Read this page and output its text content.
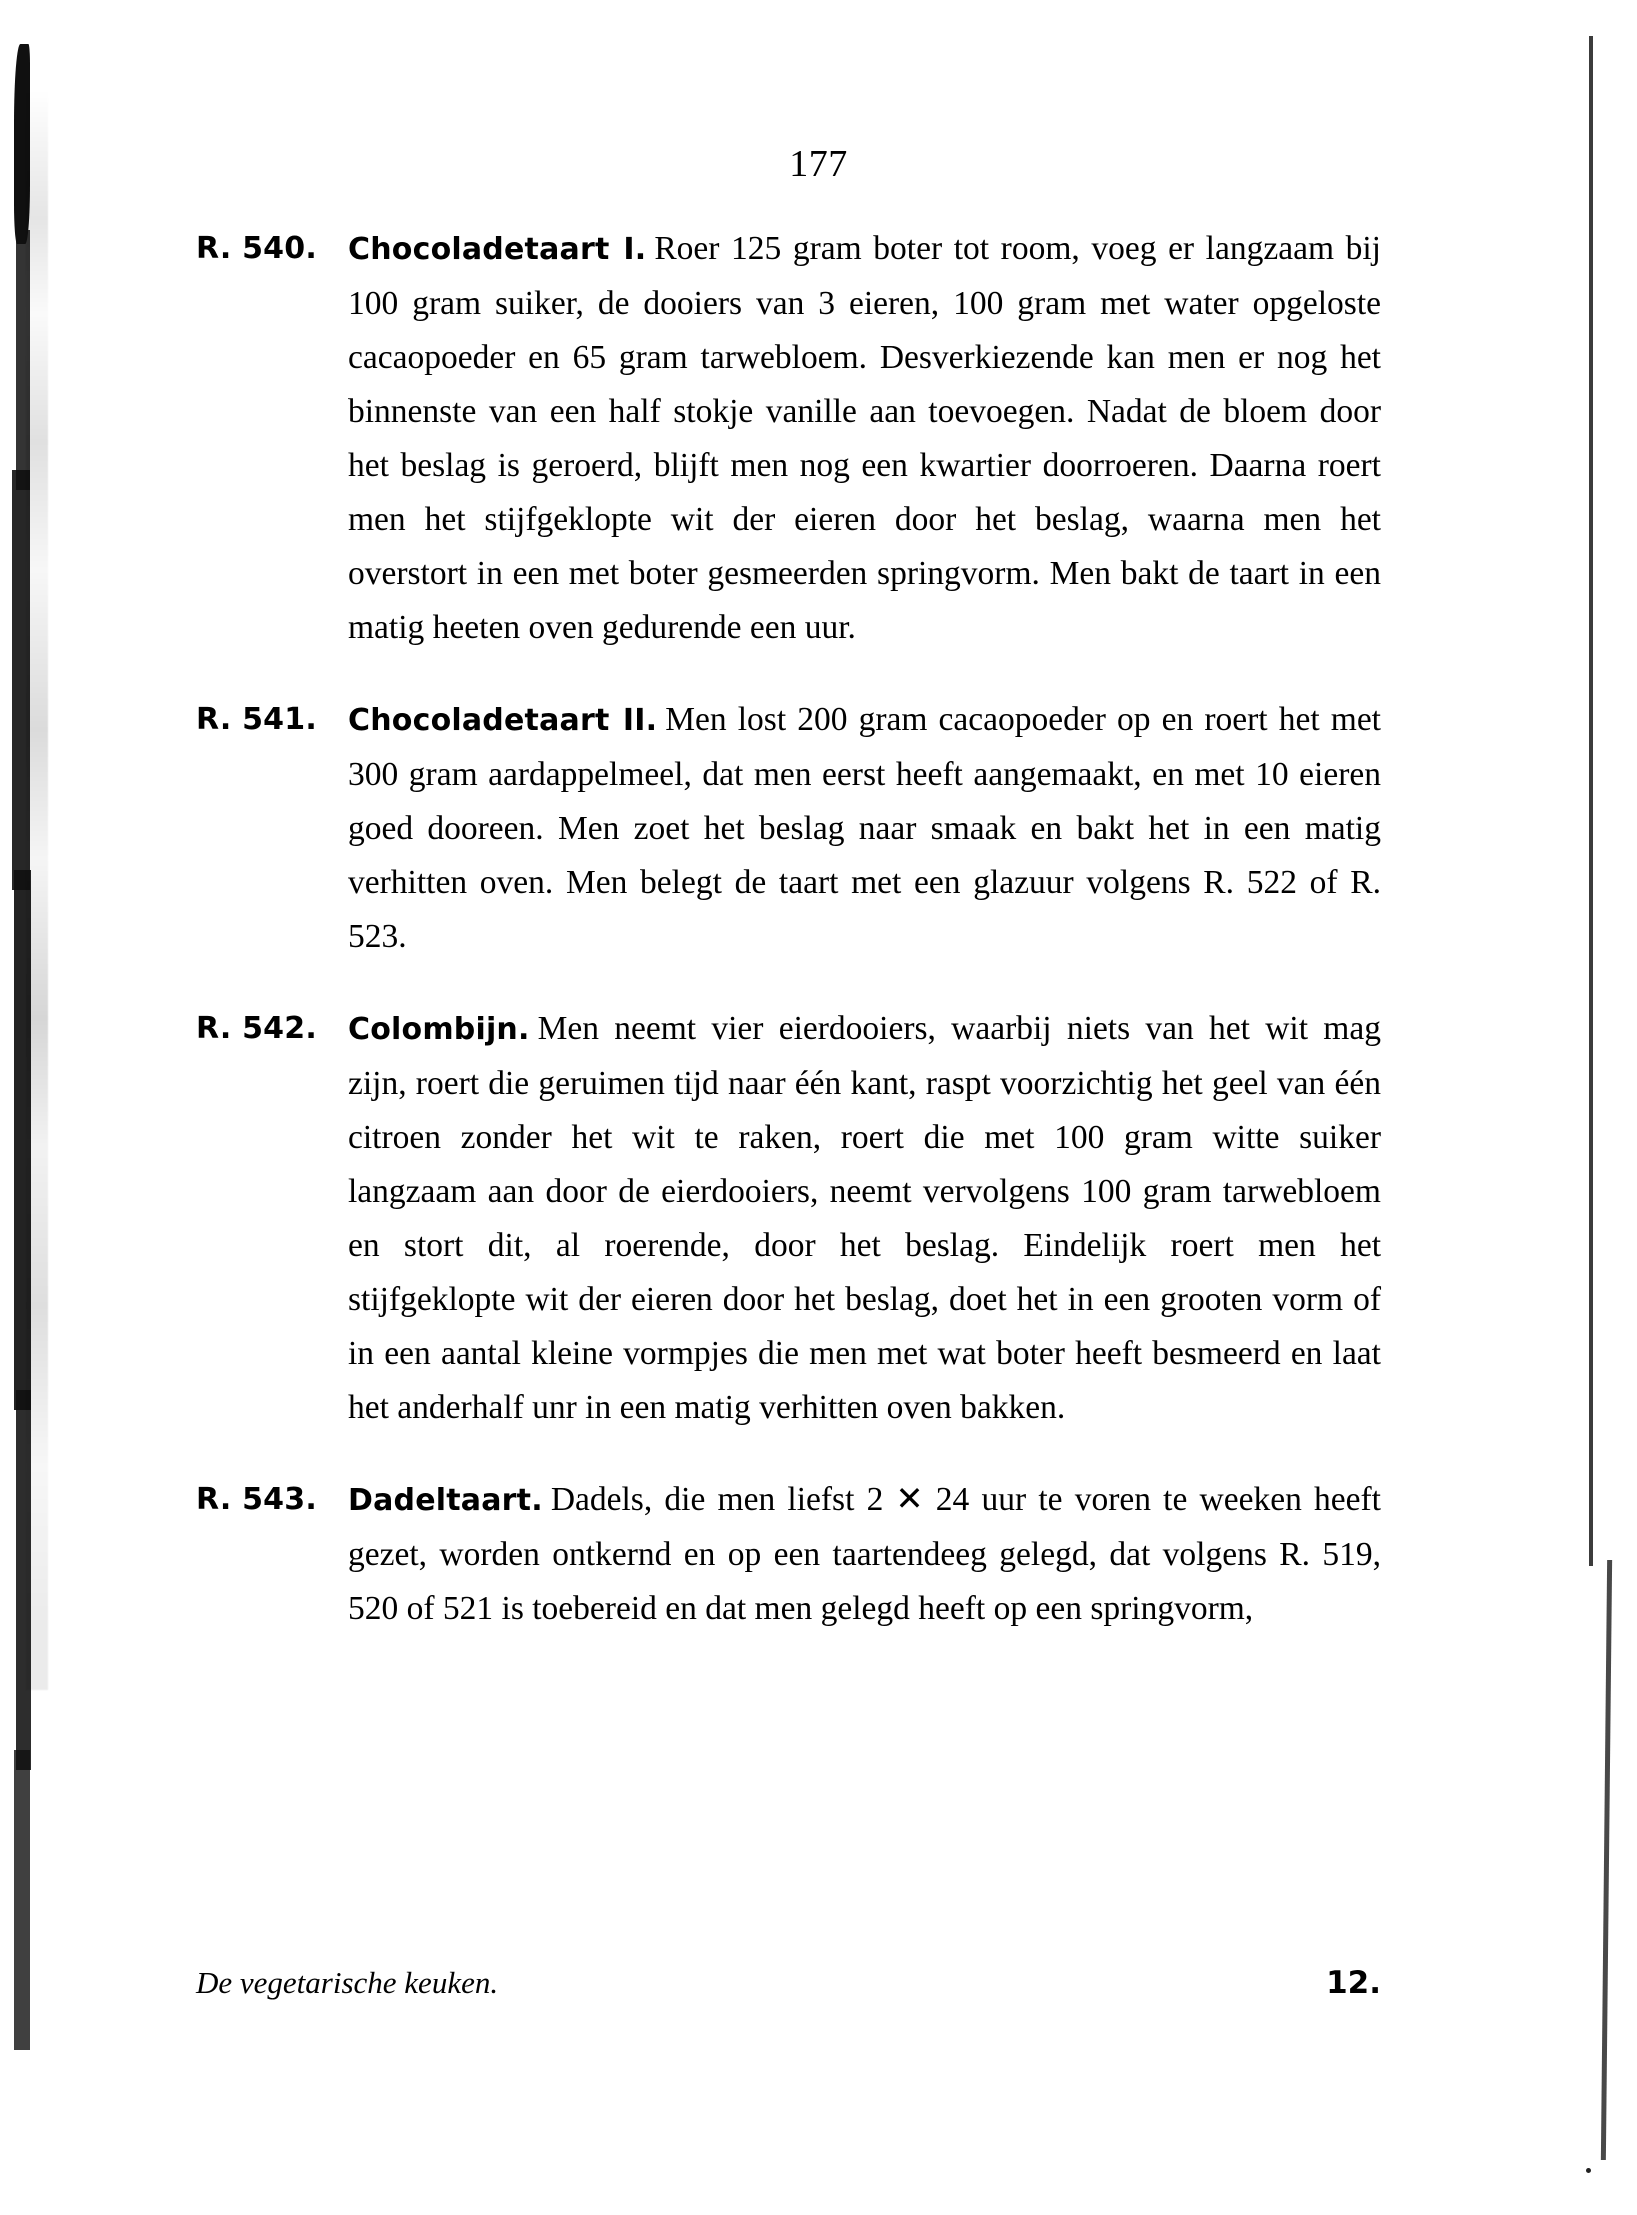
177
R. 540.	Chocoladetaart I. Roer 125 gram boter tot room, voeg er langzaam bij 100 gram suiker, de dooiers van 3 eieren, 100 gram met water opgeloste cacaopoeder en 65 gram tarwebloem. Desverkiezende kan men er nog het binnenste van een half stokje vanille aan toevoegen. Nadat de bloem door het beslag is geroerd, blijft men nog een kwartier doorroeren. Daarna roert men het stijfgeklopte wit der eieren door het beslag, waarna men het overstort in een met boter gesmeerden springvorm. Men bakt de taart in een matig heeten oven gedurende een uur.
R. 541.	Chocoladetaart II. Men lost 200 gram cacaopoeder op en roert het met 300 gram aardappelmeel, dat men eerst heeft aangemaakt, en met 10 eieren goed dooreen. Men zoet het beslag naar smaak en bakt het in een matig verhitten oven. Men belegt de taart met een glazuur volgens R. 522 of R. 523.
R. 542.	Colombijn. Men neemt vier eierdooiers, waarbij niets van het wit mag zijn, roert die geruimen tijd naar één kant, raspt voorzichtig het geel van één citroen zonder het wit te raken, roert die met 100 gram witte suiker langzaam aan door de eierdooiers, neemt vervolgens 100 gram tarwebloem en stort dit, al roerende, door het beslag. Eindelijk roert men het stijfgeklopte wit der eieren door het beslag, doet het in een grooten vorm of in een aantal kleine vormpjes die men met wat boter heeft besmeerd en laat het anderhalf unr in een matig verhitten oven bakken.
R. 543.	Dadeltaart. Dadels, die men liefst 2 ✕ 24 uur te voren te weeken heeft gezet, worden ontkernd en op een taartendeeg gelegd, dat volgens R. 519, 520 of 521 is toebereid en dat men gelegd heeft op een springvorm,
De vegetarische keuken.	12.
